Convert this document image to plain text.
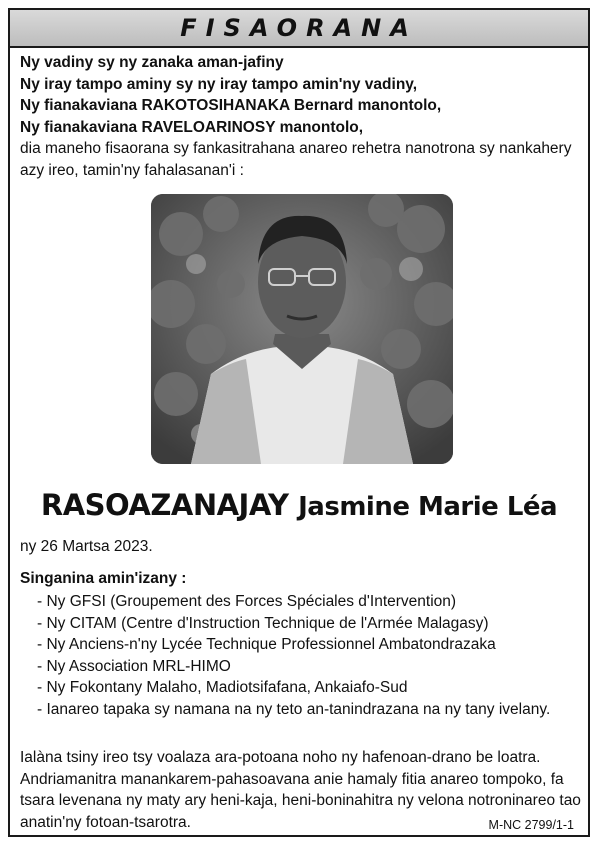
FISAORANA
Ny vadiny sy ny zanaka aman-jafiny
Ny iray tampo aminy sy ny iray tampo amin'ny vadiny,
Ny fianakaviana RAKOTOSIHANAKA Bernard manontolo,
Ny fianakaviana RAVELOARINOSY manontolo,
dia maneho fisaorana sy fankasitrahana anareo rehetra nanotrona sy nankahery azy ireo, tamin'ny fahalasanan'i :
RASOAZANAJAY Jasmine Marie Léa
ny 26 Martsa 2023.
Singanina amin'izany :
- Ny GFSI (Groupement des Forces Spéciales d'Intervention)
- Ny CITAM (Centre d'Instruction Technique de l'Armée Malagasy)
- Ny Anciens-n'ny Lycée Technique Professionnel Ambatondrazaka
- Ny Association MRL-HIMO
- Ny Fokontany Malaho, Madiotsifafana, Ankaiafo-Sud
- Ianareo tapaka sy namana na ny teto an-tanindrazana na ny tany ivelany.
Ialàna tsiny ireo tsy voalaza ara-potoana noho ny hafenoan-drano be loatra. Andriamanitra manankarem-pahasoavana anie hamaly fitia anareo tompoko, fa tsara levenana ny maty ary heni-kaja, heni-boninahitra ny velona notroninareo tao anatin'ny fotoan-tsarotra.	M-NC 2799/1-1
